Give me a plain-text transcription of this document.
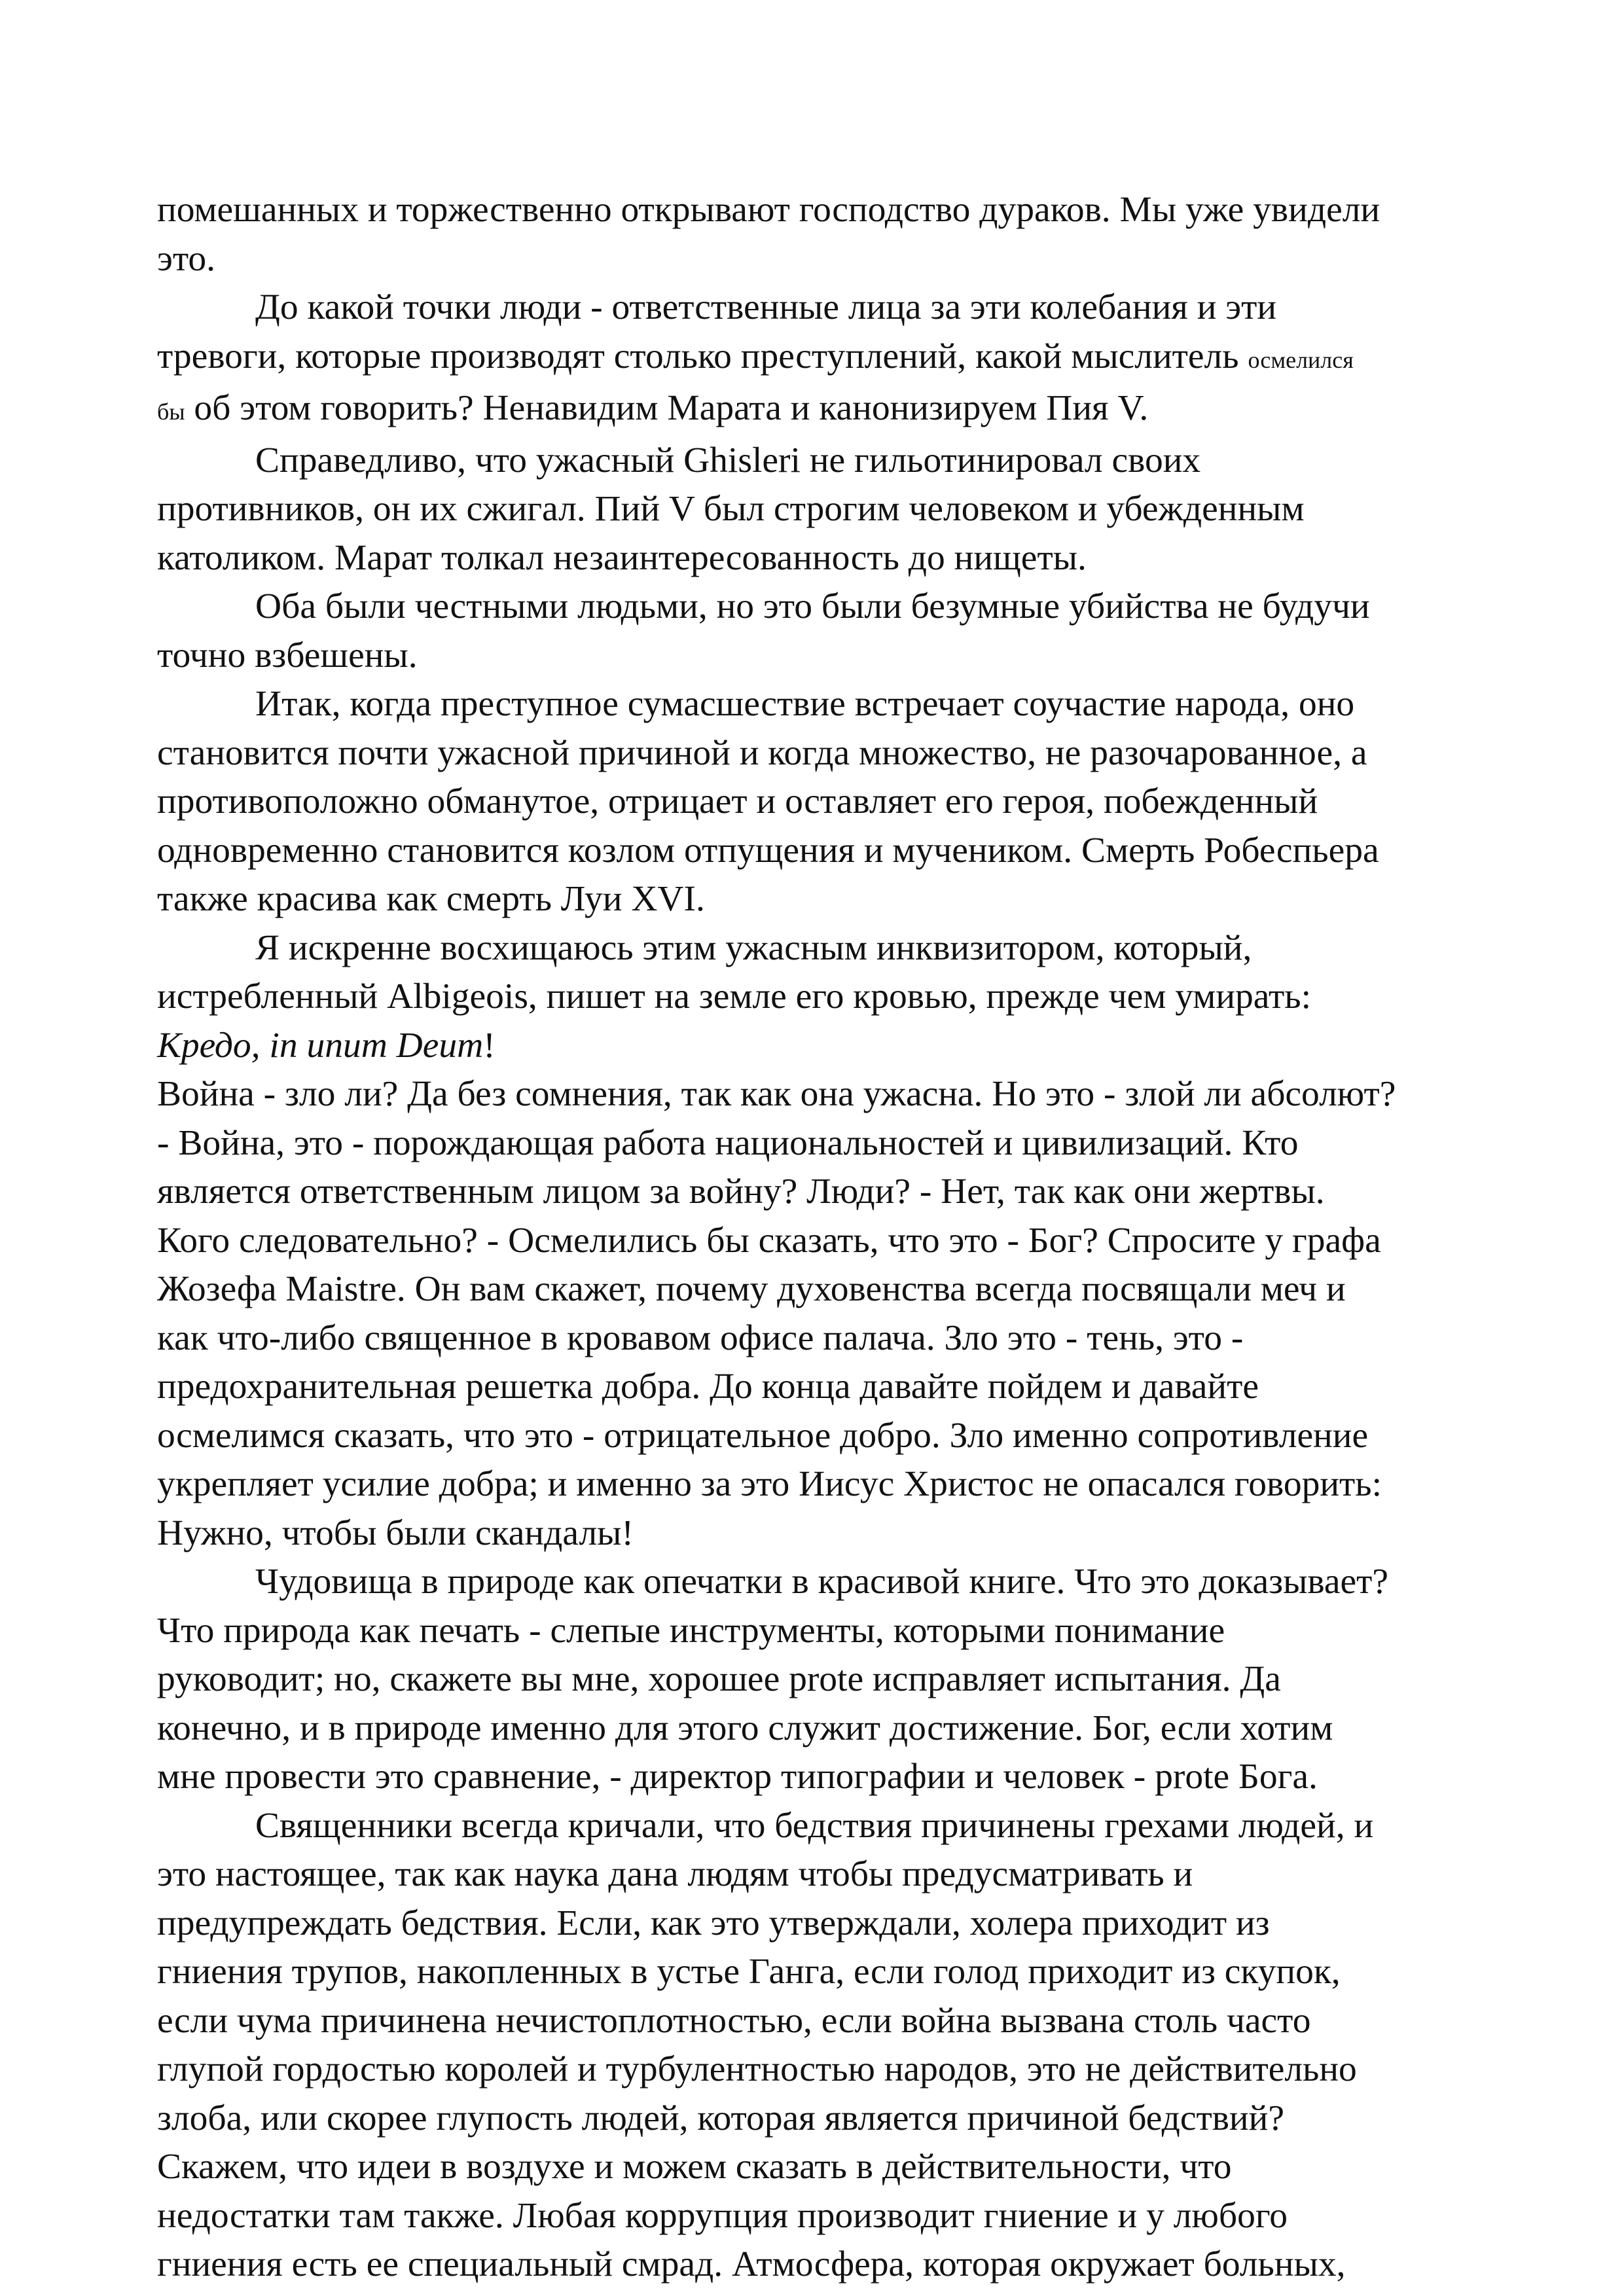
помешанных и торжественно открывают господство дураков. Мы уже увидели
это.

До какой точки люди - ответственные лица за эти колебания и эти
тревоги, которые производят столько преступлений, какой мыслитель осмелился
бы об этом говорить? Ненавидим Марата и канонизируем Пия V.

Справедливо, что ужасный Ghisleri не гильотинировал своих
противников, он их сжигал. Пий V был строгим человеком и убежденным
католиком. Марат толкал незаинтересованность до нищеты.

Оба были честными людьми, но это были безумные убийства не будучи
точно взбешены.

Итак, когда преступное сумасшествие встречает соучастие народа, оно
становится почти ужасной причиной и когда множество, не разочарованное, а
противоположно обманутое, отрицает и оставляет его героя, побежденный
одновременно становится козлом отпущения и мучеником. Смерть Робеспьера
также красива как смерть Луи XVI.

Я искренне восхищаюсь этим ужасным инквизитором, который,
истребленный Albigeois, пишет на земле его кровью, прежде чем умирать:
Кредо, in unum Deum!

Война - зло ли? Да без сомнения, так как она ужасна. Но это - злой ли абсолют?
- Война, это - порождающая работа национальностей и цивилизаций. Кто
является ответственным лицом за войну? Люди? - Нет, так как они жертвы.
Кого следовательно? - Осмелились бы сказать, что это - Бог? Спросите у графа
Жозефа Maistre. Он вам скажет, почему духовенства всегда посвящали меч и
как что-либо священное в кровавом офисе палача. Зло это - тень, это -
предохранительная решетка добра. До конца давайте пойдем и давайте
осмелимся сказать, что это - отрицательное добро. Зло именно сопротивление
укрепляет усилие добра; и именно за это Иисус Христос не опасался говорить:
Нужно, чтобы были скандалы!

Чудовища в природе как опечатки в красивой книге. Что это доказывает?
Что природа как печать - слепые инструменты, которыми понимание
руководит; но, скажете вы мне, хорошее prote исправляет испытания. Да
конечно, и в природе именно для этого служит достижение. Бог, если хотим
мне провести это сравнение, - директор типографии и человек - prote Бога.

Священники всегда кричали, что бедствия причинены грехами людей, и
это настоящее, так как наука дана людям чтобы предусматривать и
предупреждать бедствия. Если, как это утверждали, холера приходит из
гниения трупов, накопленных в устье Ганга, если голод приходит из скупок,
если чума причинена нечистоплотностью, если война вызвана столь часто
глупой гордостью королей и турбулентностью народов, это не действительно
злоба, или скорее глупость людей, которая является причиной бедствий?
Скажем, что идеи в воздухе и можем сказать в действительности, что
недостатки там также. Любая коррупция производит гниение и у любого
гниения есть ее специальный смрад. Атмосфера, которая окружает больных,
